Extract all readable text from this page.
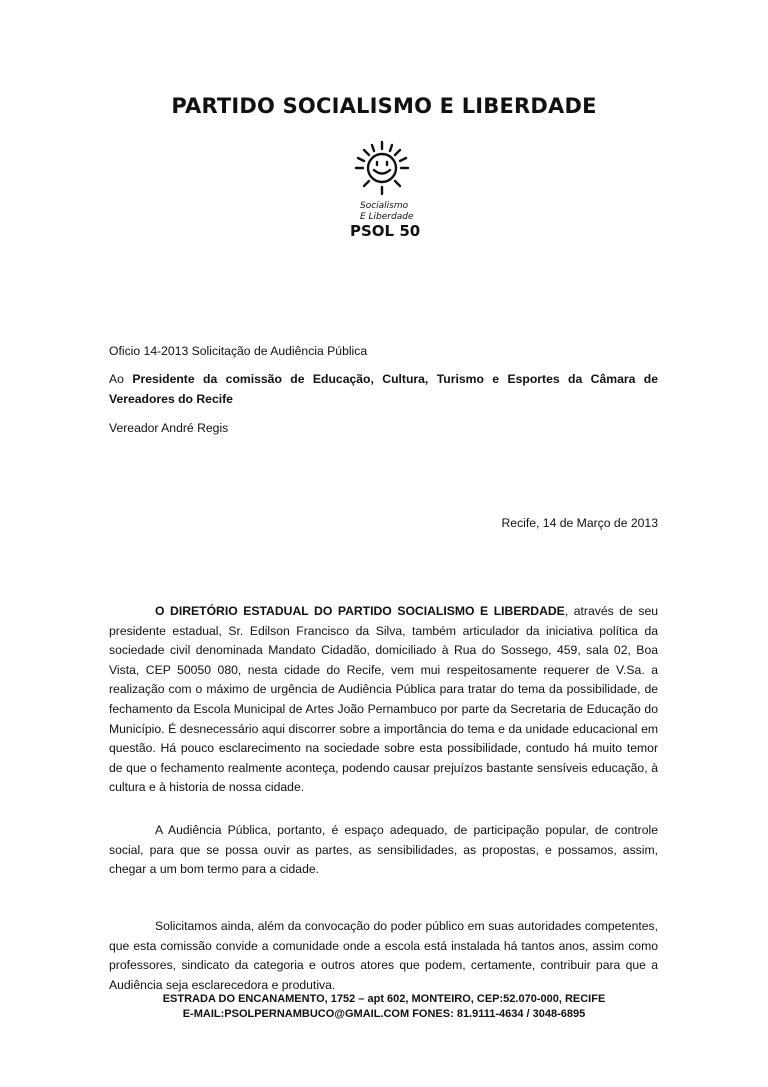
PARTIDO SOCIALISMO E LIBERDADE
Socialismo
E Liberdade
PSOL 50
Oficio 14-2013 Solicitação de Audiência Pública
Ao Presidente da comissão de Educação, Cultura, Turismo e Esportes da Câmara de Vereadores do Recife
Vereador André Regis
Recife, 14 de Março de 2013
O DIRETÓRIO ESTADUAL DO PARTIDO SOCIALISMO E LIBERDADE, através de seu presidente estadual, Sr. Edilson Francisco da Silva, também articulador da iniciativa política da sociedade civil denominada Mandato Cidadão, domiciliado à Rua do Sossego, 459, sala 02, Boa Vista, CEP 50050 080, nesta cidade do Recife, vem mui respeitosamente requerer de V.Sa. a realização com o máximo de urgência de Audiência Pública para tratar do tema da possibilidade, de fechamento da Escola Municipal de Artes João Pernambuco por parte da Secretaria de Educação do Município. É desnecessário aqui discorrer sobre a importância do tema e da unidade educacional em questão. Há pouco esclarecimento na sociedade sobre esta possibilidade, contudo há muito temor de que o fechamento realmente aconteça, podendo causar prejuízos bastante sensíveis educação, à cultura e à historia de nossa cidade.
A Audiência Pública, portanto, é espaço adequado, de participação popular, de controle social, para que se possa ouvir as partes, as sensibilidades, as propostas, e possamos, assim, chegar a um bom termo para a cidade.
Solicitamos ainda, além da convocação do poder público em suas autoridades competentes, que esta comissão convide a comunidade onde a escola está instalada há tantos anos, assim como professores, sindicato da categoria e outros atores que podem, certamente, contribuir para que a Audiência seja esclarecedora e produtiva.
ESTRADA DO ENCANAMENTO, 1752 – apt 602, MONTEIRO, CEP:52.070-000, RECIFE
E-MAIL:PSOLPERNAMBUCO@GMAIL.COM FONES: 81.9111-4634 / 3048-6895
